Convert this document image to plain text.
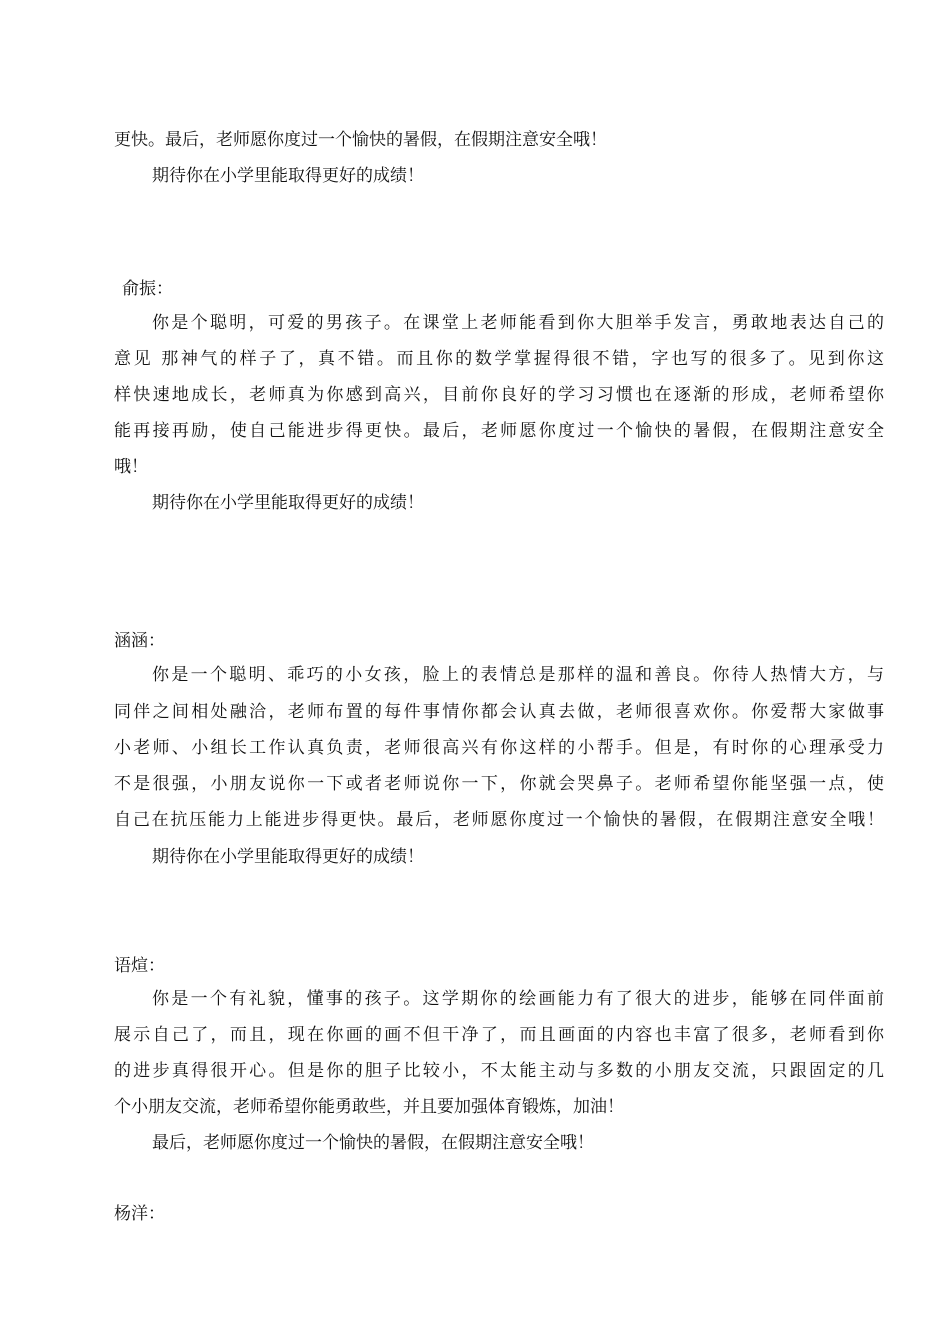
更快。最后，老师愿你度过一个愉快的暑假，在假期注意安全哦！
期待你在小学里能取得更好的成绩！
俞振：
你是个聪明，可爱的男孩子。在课堂上老师能看到你大胆举手发言，勇敢地表达自己的
意见 那神气的样子了，真不错。而且你的数学掌握得很不错，字也写的很多了。见到你这
样快速地成长，老师真为你感到高兴，目前你良好的学习习惯也在逐渐的形成，老师希望你
能再接再励，使自己能进步得更快。最后，老师愿你度过一个愉快的暑假，在假期注意安全
哦！
期待你在小学里能取得更好的成绩！
涵涵：
你是一个聪明、乖巧的小女孩，脸上的表情总是那样的温和善良。你待人热情大方，与
同伴之间相处融洽，老师布置的每件事情你都会认真去做，老师很喜欢你。你爱帮大家做事
小老师、小组长工作认真负责，老师很高兴有你这样的小帮手。但是，有时你的心理承受力
不是很强，小朋友说你一下或者老师说你一下，你就会哭鼻子。老师希望你能坚强一点，使
自己在抗压能力上能进步得更快。最后，老师愿你度过一个愉快的暑假，在假期注意安全哦！
期待你在小学里能取得更好的成绩！
语煊：
你是一个有礼貌，懂事的孩子。这学期你的绘画能力有了很大的进步，能够在同伴面前
展示自己了，而且，现在你画的画不但干净了，而且画面的内容也丰富了很多，老师看到你
的进步真得很开心。但是你的胆子比较小，不太能主动与多数的小朋友交流，只跟固定的几
个小朋友交流，老师希望你能勇敢些，并且要加强体育锻炼，加油！
最后，老师愿你度过一个愉快的暑假，在假期注意安全哦！
杨洋：
